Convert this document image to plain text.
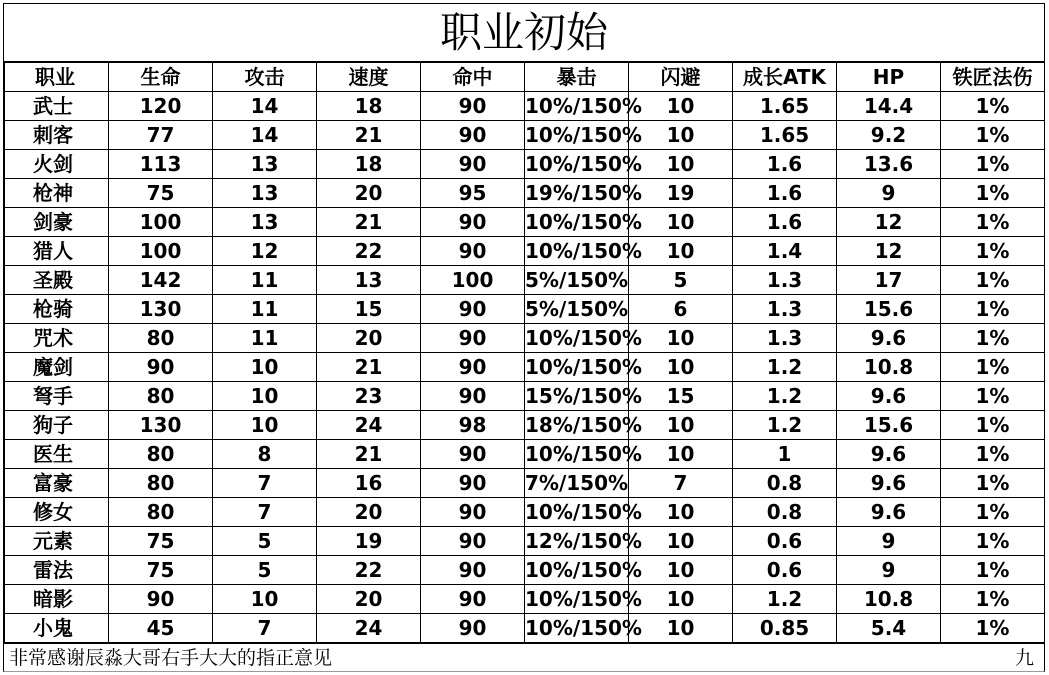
职业初始
职业	生命	攻击	速度	命中	暴击	闪避	成长ATK	HP	铁匠法伤
武士	120	14	18	90	10%/150%	10	1.65	14.4	1%
刺客	77	14	21	90	10%/150%	10	1.65	9.2	1%
火剑	113	13	18	90	10%/150%	10	1.6	13.6	1%
枪神	75	13	20	95	19%/150%	19	1.6	9	1%
剑豪	100	13	21	90	10%/150%	10	1.6	12	1%
猎人	100	12	22	90	10%/150%	10	1.4	12	1%
圣殿	142	11	13	100	5%/150%	5	1.3	17	1%
枪骑	130	11	15	90	5%/150%	6	1.3	15.6	1%
咒术	80	11	20	90	10%/150%	10	1.3	9.6	1%
魔剑	90	10	21	90	10%/150%	10	1.2	10.8	1%
弩手	80	10	23	90	15%/150%	15	1.2	9.6	1%
狗子	130	10	24	98	18%/150%	10	1.2	15.6	1%
医生	80	8	21	90	10%/150%	10	1	9.6	1%
富豪	80	7	16	90	7%/150%	7	0.8	9.6	1%
修女	80	7	20	90	10%/150%	10	0.8	9.6	1%
元素	75	5	19	90	12%/150%	10	0.6	9	1%
雷法	75	5	22	90	10%/150%	10	0.6	9	1%
暗影	90	10	20	90	10%/150%	10	1.2	10.8	1%
小鬼	45	7	24	90	10%/150%	10	0.85	5.4	1%
非常感谢辰淼大哥右手大大的指正意见	九
